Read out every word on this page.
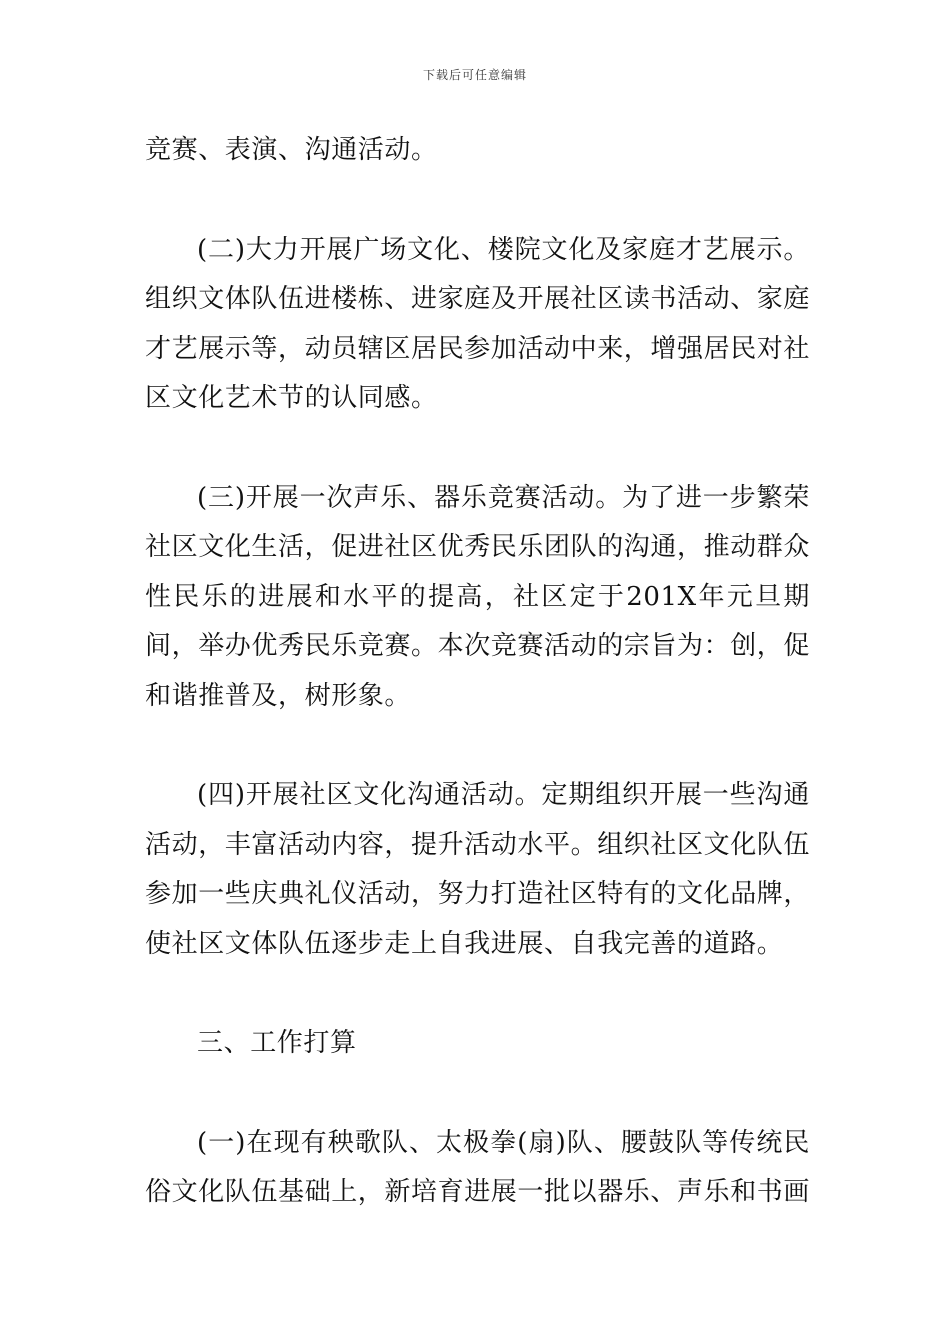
下载后可任意编辑

竞赛、表演、沟通活动。

(二)大力开展广场文化、楼院文化及家庭才艺展示。组织文体队伍进楼栋、进家庭及开展社区读书活动、家庭才艺展示等，动员辖区居民参加活动中来，增强居民对社区文化艺术节的认同感。

(三)开展一次声乐、器乐竞赛活动。为了进一步繁荣社区文化生活，促进社区优秀民乐团队的沟通，推动群众性民乐的进展和水平的提高，社区定于201X年元旦期间，举办优秀民乐竞赛。本次竞赛活动的宗旨为：创，促和谐推普及，树形象。

(四)开展社区文化沟通活动。定期组织开展一些沟通活动，丰富活动内容，提升活动水平。组织社区文化队伍参加一些庆典礼仪活动，努力打造社区特有的文化品牌，使社区文体队伍逐步走上自我进展、自我完善的道路。

三、工作打算

(一)在现有秧歌队、太极拳(扇)队、腰鼓队等传统民俗文化队伍基础上，新培育进展一批以器乐、声乐和书画
